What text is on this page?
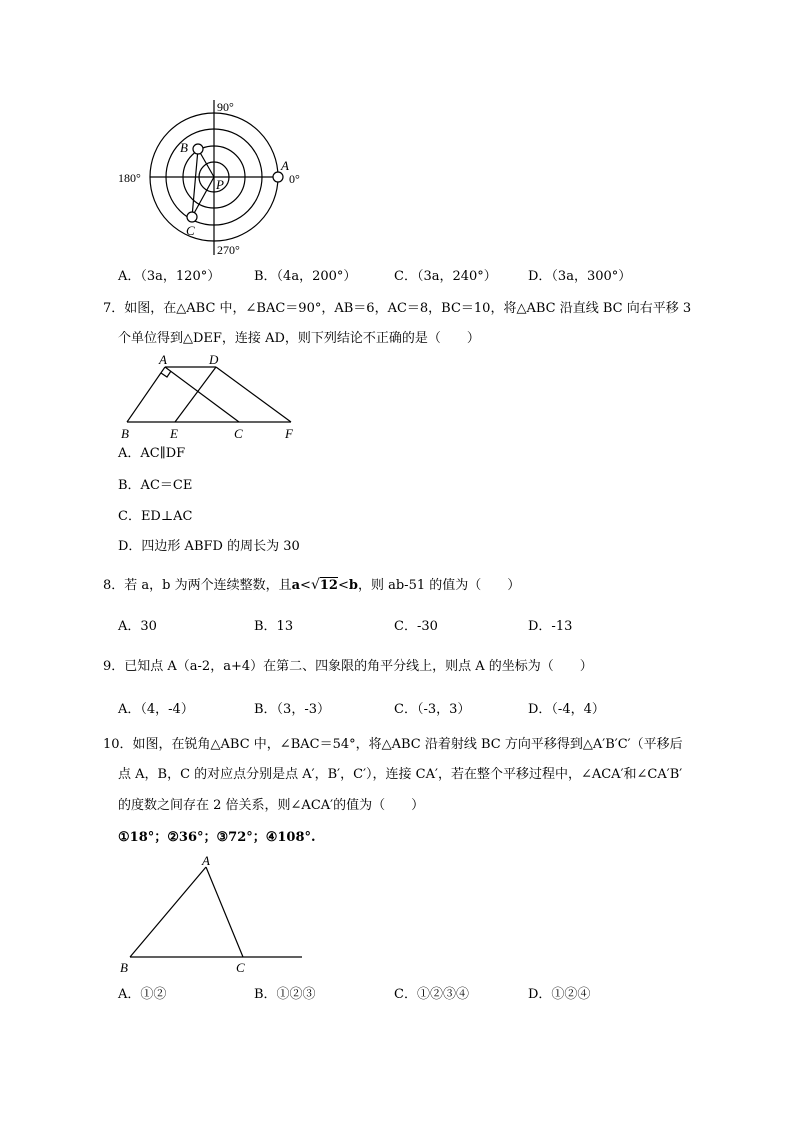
90°
180°	0°
270°
A
B
C
P
A．（3a，120°）	B．（4a，200°）	C．（3a，240°） D．（3a，300°）
7．如图，在△ABC 中，∠BAC＝90°，AB＝6，AC＝8，BC＝10，将△ABC 沿直线 BC 向右平移 3
个单位得到△DEF，连接 AD，则下列结论不正确的是（　　）
A	D
B	E	C	F
A．AC∥DF
B．AC＝CE
C．ED⊥AC
D．四边形 ABFD 的周长为 30
8．若 a，b 为两个连续整数，且a<√12<b，则 ab-51 的值为（　　）
A．30	B．13	C．-30	D．-13
9．已知点 A（a-2，a+4）在第二、四象限的角平分线上，则点 A 的坐标为（　　）
A．（4，-4）	B．（3，-3）	C．（-3，3）	D．（-4，4）
10．如图，在锐角△ABC 中，∠BAC＝54°，将△ABC 沿着射线 BC 方向平移得到△A′B′C′（平移后
点 A，B，C 的对应点分别是点 A′，B′，C′），连接 CA′，若在整个平移过程中，∠ACA′和∠CA′B′
的度数之间存在 2 倍关系，则∠ACA′的值为（　　）
①18°；②36°；③72°；④108°.
A
B	C
A．①②	B．①②③	C．①②③④	D．①②④
